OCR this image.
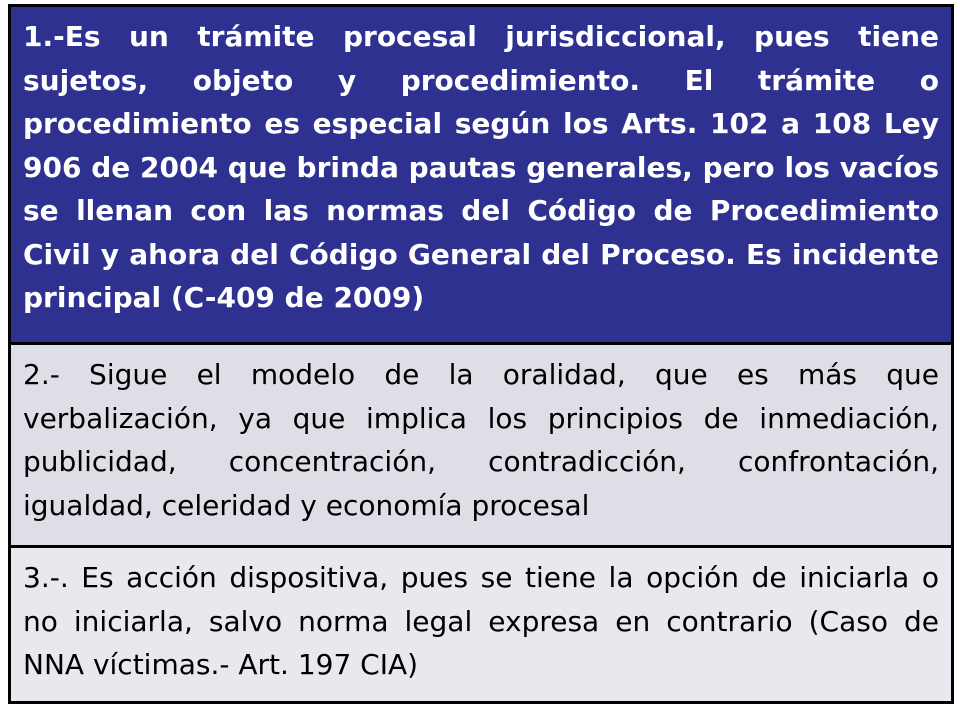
1.-Es un trámite procesal jurisdiccional, pues tiene sujetos, objeto y procedimiento. El trámite o procedimiento es especial según los Arts. 102 a 108 Ley 906 de 2004 que brinda pautas generales, pero los vacíos se llenan con las normas del Código de Procedimiento Civil y ahora del Código General del Proceso. Es incidente principal (C-409 de 2009)

2.- Sigue el modelo de la oralidad, que es más que verbalización, ya que implica los principios de inmediación, publicidad, concentración, contradicción, confrontación, igualdad, celeridad y economía procesal

3.-. Es acción dispositiva, pues se tiene la opción de iniciarla o no iniciarla, salvo norma legal expresa en contrario (Caso de NNA víctimas.- Art. 197 CIA)
